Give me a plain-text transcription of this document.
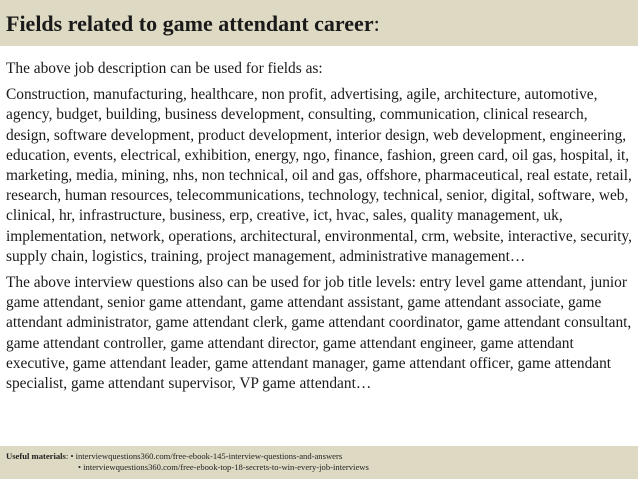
Fields related to game attendant career:

The above job description can be used for fields as:

Construction, manufacturing, healthcare, non profit, advertising, agile, architecture, automotive, agency, budget, building, business development, consulting, communication, clinical research, design, software development, product development, interior design, web development, engineering, education, events, electrical, exhibition, energy, ngo, finance, fashion, green card, oil gas, hospital, it, marketing, media, mining, nhs, non technical, oil and gas, offshore, pharmaceutical, real estate, retail, research, human resources, telecommunications, technology, technical, senior, digital, software, web, clinical, hr, infrastructure, business, erp, creative, ict, hvac, sales, quality management, uk, implementation, network, operations, architectural, environmental, crm, website, interactive, security, supply chain, logistics, training, project management, administrative management…

The above interview questions also can be used for job title levels: entry level game attendant, junior game attendant, senior game attendant, game attendant assistant, game attendant associate, game attendant administrator, game attendant clerk, game attendant coordinator, game attendant consultant, game attendant controller, game attendant director, game attendant engineer, game attendant executive, game attendant leader, game attendant manager, game attendant officer, game attendant specialist, game attendant supervisor, VP game attendant…

Useful materials: • interviewquestions360.com/free-ebook-145-interview-questions-and-answers
• interviewquestions360.com/free-ebook-top-18-secrets-to-win-every-job-interviews
